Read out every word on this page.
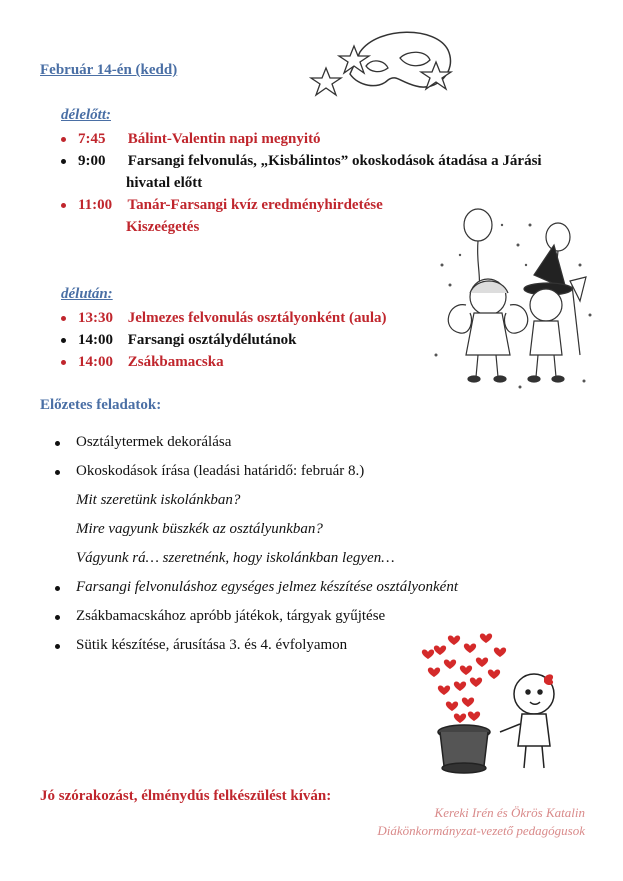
Február 14-én (kedd)
délelőtt:
7:45 Bálint-Valentin napi megnyitó
9:00 Farsangi felvonulás, „Kisbálintos” okoskodások átadása a Járási
hivatal előtt
11:00 Tanár-Farsangi kvíz eredményhirdetése
Kiszeégetés
délután:
13:30 Jelmezes felvonulás osztályonként (aula)
14:00 Farsangi osztálydélutánok
14:00 Zsákbamacska
Előzetes feladatok:
Osztálytermek dekorálása
Okoskodások írása (leadási határidő: február 8.)
Mit szeretünk iskolánkban?
Mire vagyunk büszkék az osztályunkban?
Vágyunk rá… szeretnénk, hogy iskolánkban legyen…
Farsangi felvonuláshoz egységes jelmez készítése osztályonként
Zsákbamacskához apróbb játékok, tárgyak gyűjtése
Sütik készítése, árusítása 3. és 4. évfolyamon
Jó szórakozást, élménydús felkészülést kíván:
Kereki Irén és Ökrös Katalin
Diákönkormányzat-vezető pedagógusok
